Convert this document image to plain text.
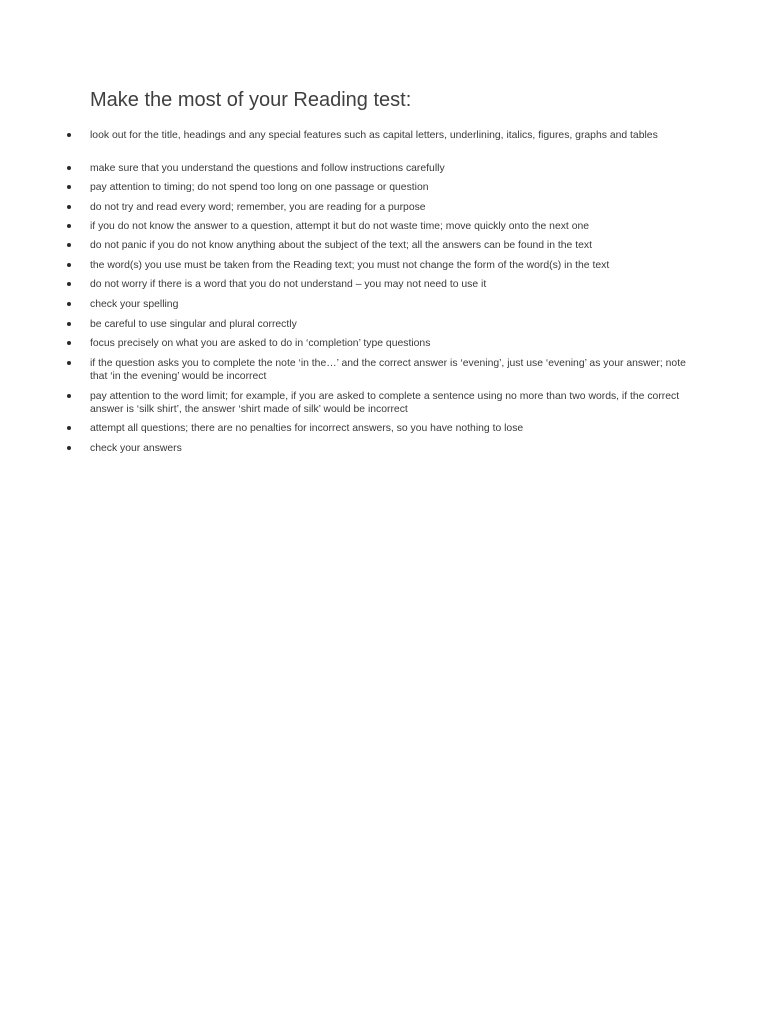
Make the most of your Reading test:
look out for the title, headings and any special features such as capital letters, underlining, italics, figures, graphs and tables
make sure that you understand the questions and follow instructions carefully
pay attention to timing; do not spend too long on one passage or question
do not try and read every word; remember, you are reading for a purpose
if you do not know the answer to a question, attempt it but do not waste time; move quickly onto the next one
do not panic if you do not know anything about the subject of the text; all the answers can be found in the text
the word(s) you use must be taken from the Reading text; you must not change the form of the word(s) in the text
do not worry if there is a word that you do not understand – you may not need to use it
check your spelling
be careful to use singular and plural correctly
focus precisely on what you are asked to do in ‘completion’ type questions
if the question asks you to complete the note ‘in the…’ and the correct answer is ‘evening’, just use ‘evening’ as your answer; note that ‘in the evening’ would be incorrect
pay attention to the word limit; for example, if you are asked to complete a sentence using no more than two words, if the correct answer is ‘silk shirt’, the answer ‘shirt made of silk’ would be incorrect
attempt all questions; there are no penalties for incorrect answers, so you have nothing to lose
check your answers
